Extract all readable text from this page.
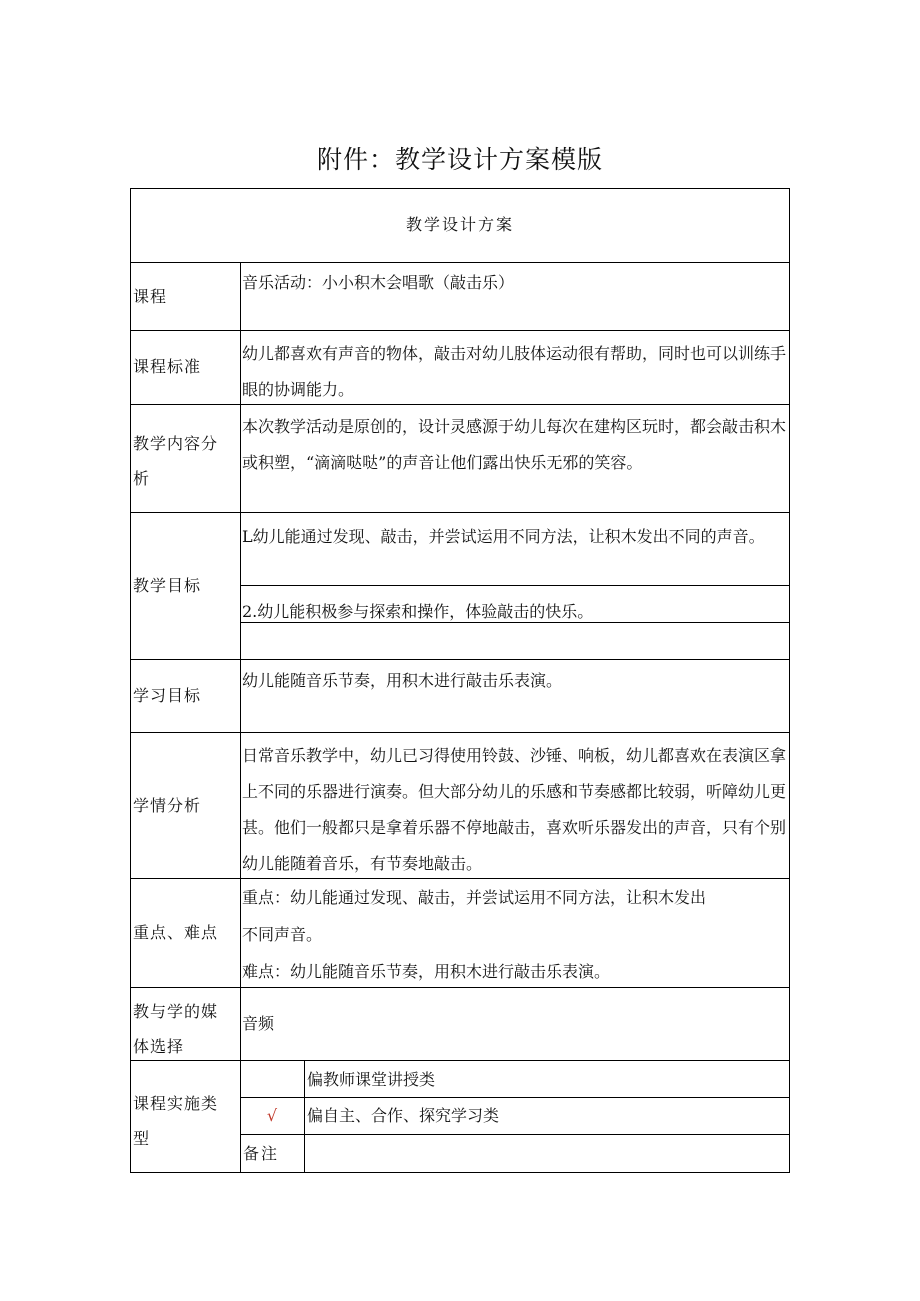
附件：教学设计方案模版
教学设计方案
课程
音乐活动：小小积木会唱歌（敲击乐）
课程标准
幼儿都喜欢有声音的物体，敲击对幼儿肢体运动很有帮助，同时也可以训练手眼的协调能力。
教学内容分析
本次教学活动是原创的，设计灵感源于幼儿每次在建构区玩时，都会敲击积木或积塑，“滴滴哒哒”的声音让他们露出快乐无邪的笑容。
教学目标
L幼儿能通过发现、敲击，并尝试运用不同方法，让积木发出不同的声音。
2.幼儿能积极参与探索和操作，体验敲击的快乐。
学习目标
幼儿能随音乐节奏，用积木进行敲击乐表演。
学情分析
日常音乐教学中，幼儿已习得使用铃鼓、沙锤、响板，幼儿都喜欢在表演区拿上不同的乐器进行演奏。但大部分幼儿的乐感和节奏感都比较弱，听障幼儿更甚。他们一般都只是拿着乐器不停地敲击，喜欢听乐器发出的声音，只有个别幼儿能随着音乐，有节奏地敲击。
重点、难点
重点：幼儿能通过发现、敲击，并尝试运用不同方法，让积木发出
不同声音。
难点：幼儿能随音乐节奏，用积木进行敲击乐表演。
教与学的媒体选择
音频
课程实施类型
偏教师课堂讲授类
√	偏自主、合作、探究学习类
备注
